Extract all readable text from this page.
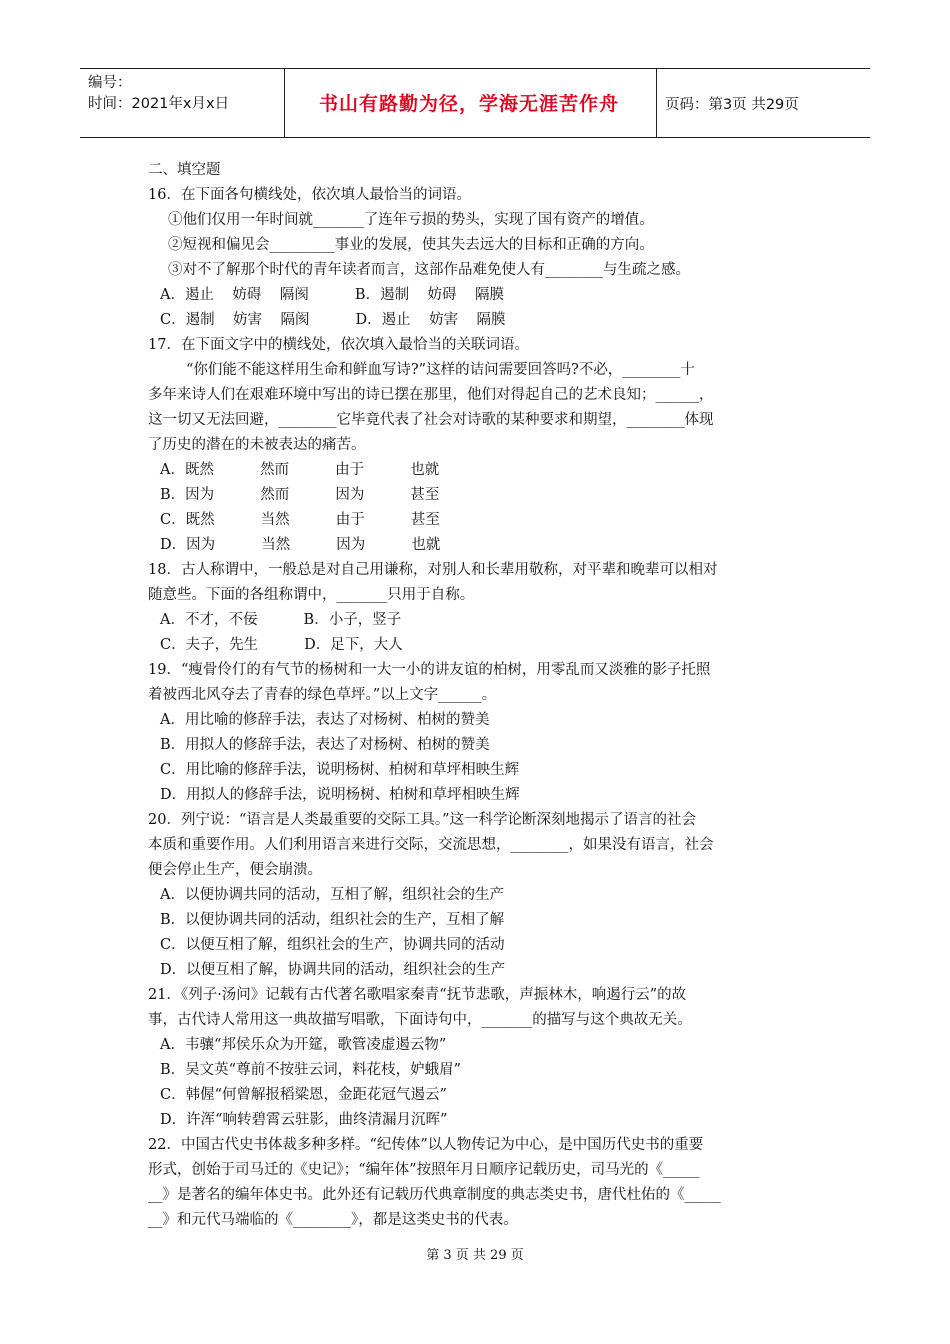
编号：
时间：2021年x月x日	书山有路勤为径，学海无涯苦作舟	页码：第3页 共29页
二、填空题
16．在下面各句横线处，依次填人最恰当的词语。
①他们仅用一年时间就_______了连年亏损的势头，实现了国有资产的增值。
②短视和偏见会_________事业的发展，使其失去远大的目标和正确的方向。
③对不了解那个时代的青年读者而言，这部作品难免使人有________与生疏之感。
A．遏止    妨碍    隔阂          B．遏制    妨碍    隔膜
C．遏制    妨害    隔阂          D．遏止    妨害    隔膜
17．在下面文字中的横线处，依次填入最恰当的关联词语。
“你们能不能这样用生命和鲜血写诗?”这样的诘问需要回答吗?不必，________十
多年来诗人们在艰难环境中写出的诗已摆在那里，他们对得起自己的艺术良知；______，
这一切又无法回避，________它毕竟代表了社会对诗歌的某种要求和期望，________体现
了历史的潜在的未被表达的痛苦。
A．既然          然而          由于          也就
B．因为          然而          因为          甚至
C．既然          当然          由于          甚至
D．因为          当然          因为          也就
18．古人称谓中，一般总是对自己用谦称，对别人和长辈用敬称，对平辈和晚辈可以相对
随意些。下面的各组称谓中，_______只用于自称。
A．不才，不佞          B．小子，竖子
C．夫子，先生          D．足下，大人
19．“瘦骨伶仃的有气节的杨树和一大一小的讲友谊的柏树，用零乱而又淡雅的影子托照
着被西北风夺去了青春的绿色草坪。”以上文字______。
A．用比喻的修辞手法，表达了对杨树、柏树的赞美
B．用拟人的修辞手法，表达了对杨树、柏树的赞美
C．用比喻的修辞手法，说明杨树、柏树和草坪相映生辉
D．用拟人的修辞手法，说明杨树、柏树和草坪相映生辉
20．列宁说：“语言是人类最重要的交际工具。”这一科学论断深刻地揭示了语言的社会
本质和重要作用。人们利用语言来进行交际，交流思想，________，如果没有语言，社会
便会停止生产，便会崩溃。
A．以便协调共同的活动，互相了解，组织社会的生产
B．以便协调共同的活动，组织社会的生产，互相了解
C．以便互相了解，组织社会的生产，协调共同的活动
D．以便互相了解，协调共同的活动，组织社会的生产
21．《列子·汤问》记载有古代著名歌唱家秦青“抚节悲歌，声振林木，响遏行云”的故
事，古代诗人常用这一典故描写唱歌，下面诗句中，_______的描写与这个典故无关。
A．韦骧“邦侯乐众为开筵，歌管凌虚遏云物”
B．吴文英“尊前不按驻云词，料花枝，妒蛾眉”
C．韩偓“何曾解报稻粱恩，金距花冠气遏云”
D．许浑“响转碧霄云驻影，曲终清漏月沉晖”
22．中国古代史书体裁多种多样。“纪传体”以人物传记为中心，是中国历代史书的重要
形式，创始于司马迁的《史记》；“编年体”按照年月日顺序记载历史，司马光的《_____
__》是著名的编年体史书。此外还有记载历代典章制度的典志类史书，唐代杜佑的《_____
__》和元代马端临的《________》，都是这类史书的代表。
第 3 页 共 29 页
